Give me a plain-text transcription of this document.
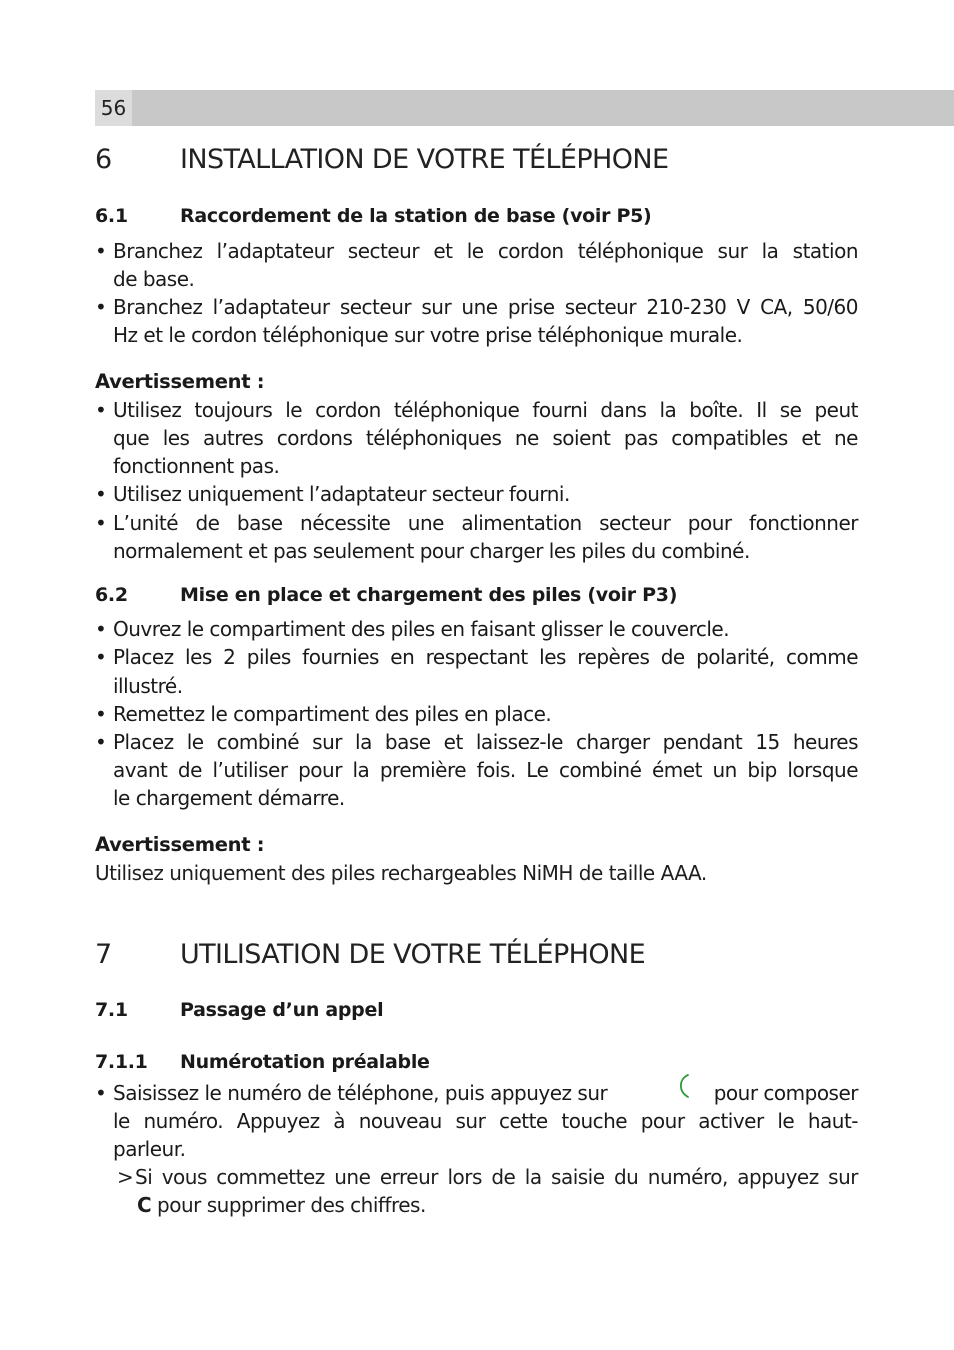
56
6	INSTALLATION DE VOTRE TÉLÉPHONE
6.1	Raccordement de la station de base (voir P5)
• Branchez l’adaptateur secteur et le cordon téléphonique sur la station
de base.
• Branchez l’adaptateur secteur sur une prise secteur 210-230 V CA, 50/60
Hz et le cordon téléphonique sur votre prise téléphonique murale.
Avertissement :
• Utilisez toujours le cordon téléphonique fourni dans la boîte. Il se peut
que les autres cordons téléphoniques ne soient pas compatibles et ne
fonctionnent pas.
• Utilisez uniquement l’adaptateur secteur fourni.
• L’unité de base nécessite une alimentation secteur pour fonctionner
normalement et pas seulement pour charger les piles du combiné.
6.2	Mise en place et chargement des piles (voir P3)
• Ouvrez le compartiment des piles en faisant glisser le couvercle.
• Placez les 2 piles fournies en respectant les repères de polarité, comme
illustré.
• Remettez le compartiment des piles en place.
• Placez le combiné sur la base et laissez-le charger pendant 15 heures
avant de l’utiliser pour la première fois. Le combiné émet un bip lorsque
le chargement démarre.
Avertissement :
Utilisez uniquement des piles rechargeables NiMH de taille AAA.
7	UTILISATION DE VOTRE TÉLÉPHONE
7.1	Passage d’un appel
7.1.1 Numérotation préalable
• Saisissez le numéro de téléphone, puis appuyez sur	pour composer
le numéro. Appuyez à nouveau sur cette touche pour activer le haut-
parleur.
> Si vous commettez une erreur lors de la saisie du numéro, appuyez sur
C pour supprimer des chiffres.
